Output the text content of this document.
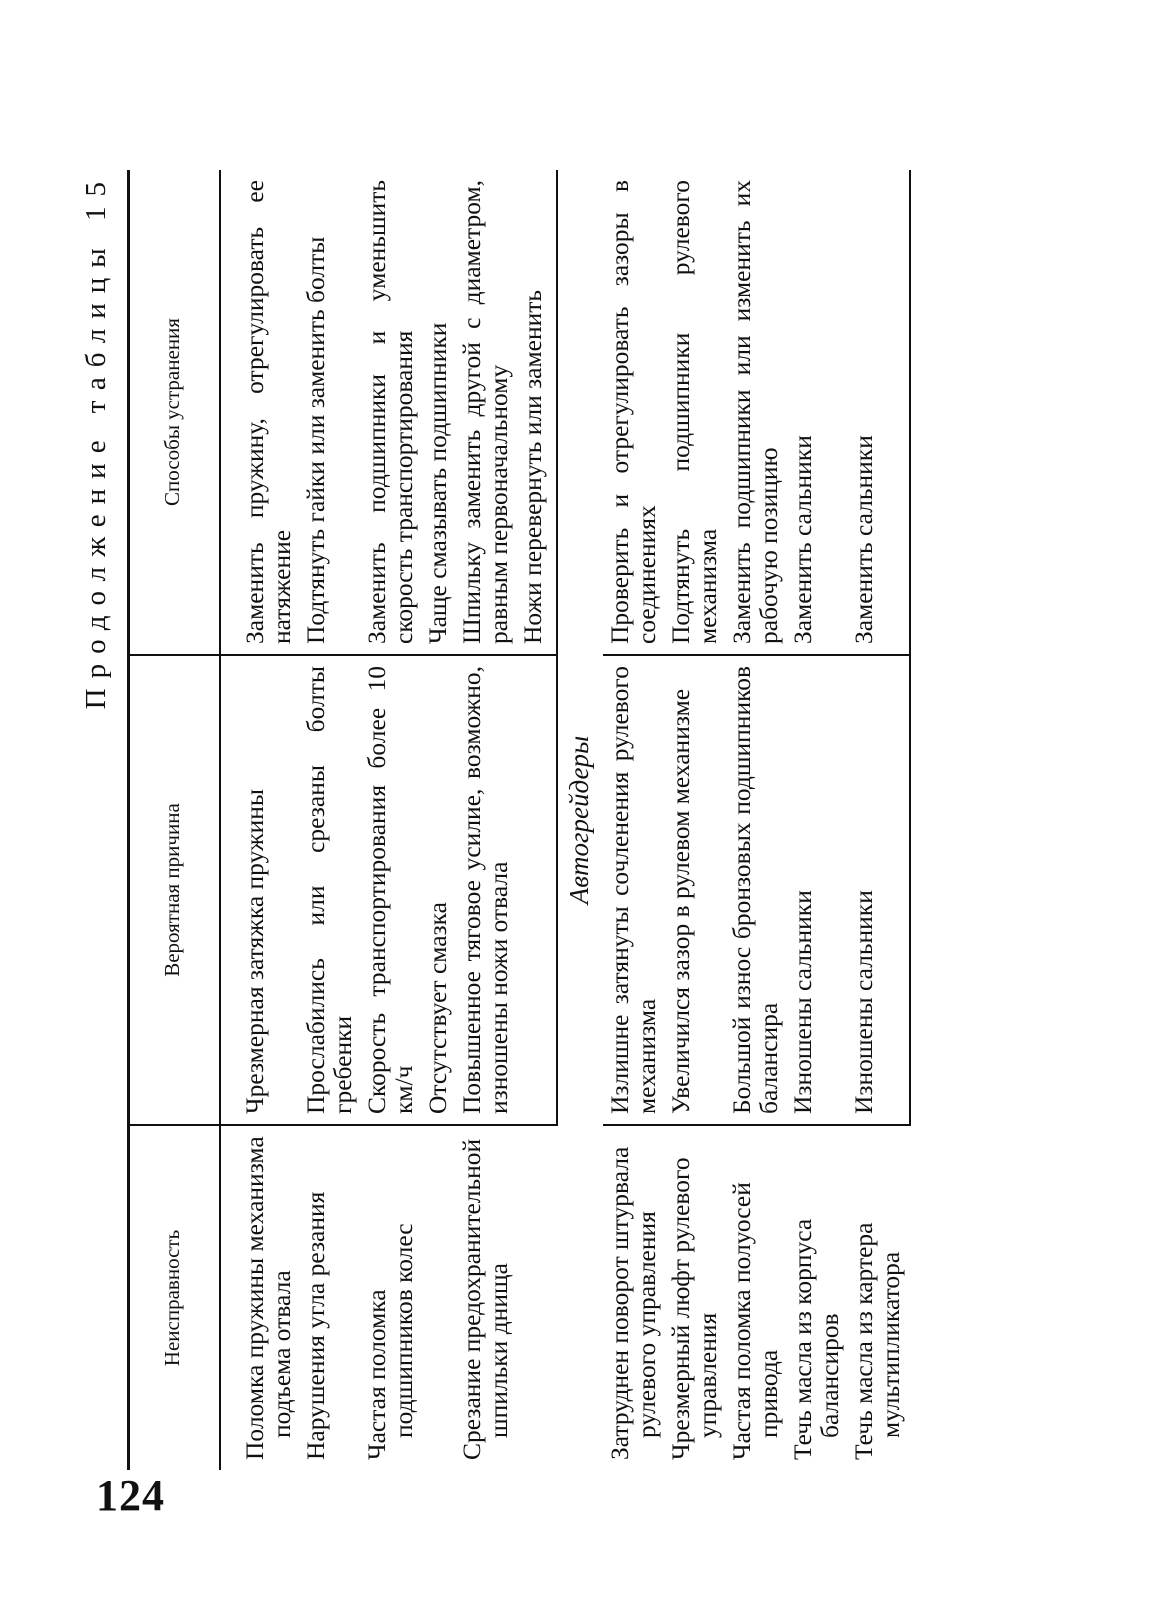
124
Продолжение таблицы 15
Неисправность	Вероятная причина	Способы устранения
Поломка пружины механизма подъема отвала	Чрезмерная затяжка пружины	Заменить пружину, отрегулировать ее натяжение
Нарушения угла резания	Прослабились или срезаны болты гребенки	Подтянуть гайки или заменить болты
Частая поломка подшипников колес	Скорость транспортирования более 10 км/ч	Заменить подшипники и уменьшить скорость транспортирования
	Отсутствует смазка	Чаще смазывать подшипники
Срезание предохранительной шпильки днища	Повышенное тяговое усилие, возможно, изношены ножи отвала	Шпильку заменить другой с диаметром, равным первоначальному
		Ножи перевернуть или заменить
Автогрейдеры		
Затруднен поворот штурвала рулевого управления	Излишне затянуты сочленения рулевого механизма	Проверить и отрегулировать зазоры в соединениях
Чрезмерный люфт рулевого управления	Увеличился зазор в рулевом механизме	Подтянуть подшипники рулевого механизма
Частая поломка полуосей привода	Большой износ бронзовых подшипников балансира	Заменить подшипники или изменить их рабочую позицию
Течь масла из корпуса балансиров	Изношены сальники	Заменить сальники
Течь масла из картера мультипликатора	Изношены сальники	Заменить сальники
